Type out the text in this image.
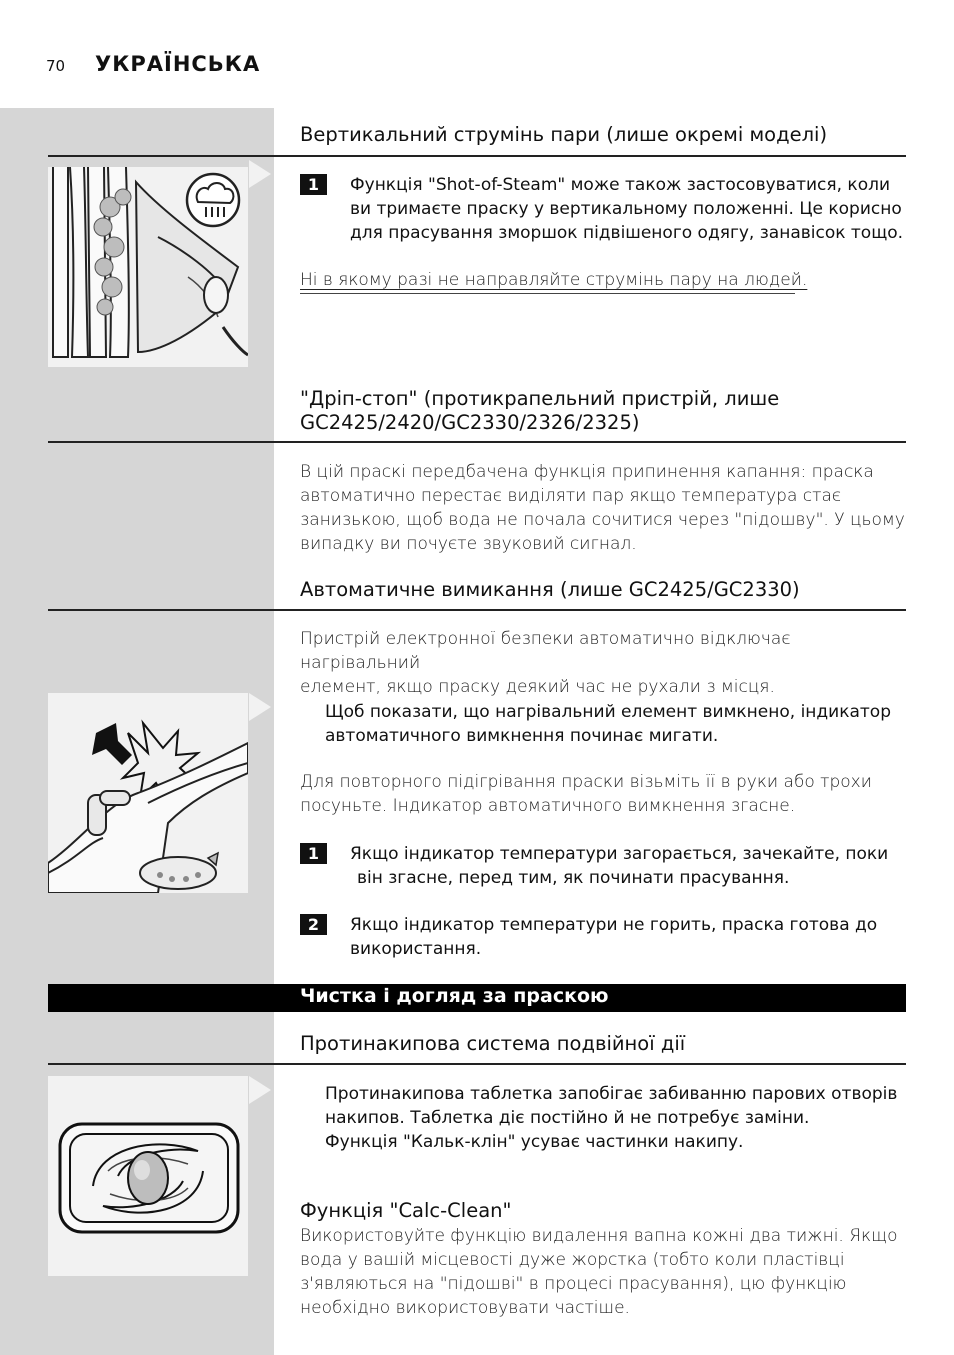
70 УКРАЇНСЬКА
Вертикальний струмінь пари (лише окремі моделі)
1	Функція "Shot-of-Steam" може також застосовуватися, коли
ви тримаєте праску у вертикальному положенні. Це корисно
для прасування зморшок підвішеного одягу, занавісок тощо.
Ні в якому разі не направляйте струмінь пару на людей.
"Дріп-стоп" (протикрапельний пристрій, лише
GC2425/2420/GC2330/2326/2325)
В цій праскі передбачена функція припинення капання: праска
автоматично перестає виділяти пар якщо температура стає
занизькою, щоб вода не почала сочитися через "підошву". У цьому
випадку ви почуєте звуковий сигнал.
Автоматичне вимикання (лише GC2425/GC2330)
Пристрій електронної безпеки автоматично відключає нагрівальний
елемент, якщо праску деякий час не рухали з місця.
Щоб показати, що нагрівальний елемент вимкнено, індикатор
автоматичного вимкнення починає мигати.
Для повторного підігрівання праски візьміть її в руки або трохи
посуньте. Індикатор автоматичного вимкнення згасне.
1	Якщо індикатор температури загорається, зачекайте, поки
він згасне, перед тим, як починати прасування.
2	Якщо індикатор температури не горить, праска готова до
використання.
Чистка і догляд за праскою
Протинакипова система подвійної дії
Протинакипова таблетка запобігає забиванню парових отворів
накипов. Таблетка діє постійно й не потребує заміни.
Функція "Кальк-клін" усуває частинки накипу.
Функція "Calc-Clean"
Використовуйте функцію видалення вапна кожні два тижні. Якщо
вода у вашій місцевості дуже жорстка (тобто коли пластівці
з'являються на "підошві" в процесі прасування), цю функцію
необхідно використовувати частіше.
